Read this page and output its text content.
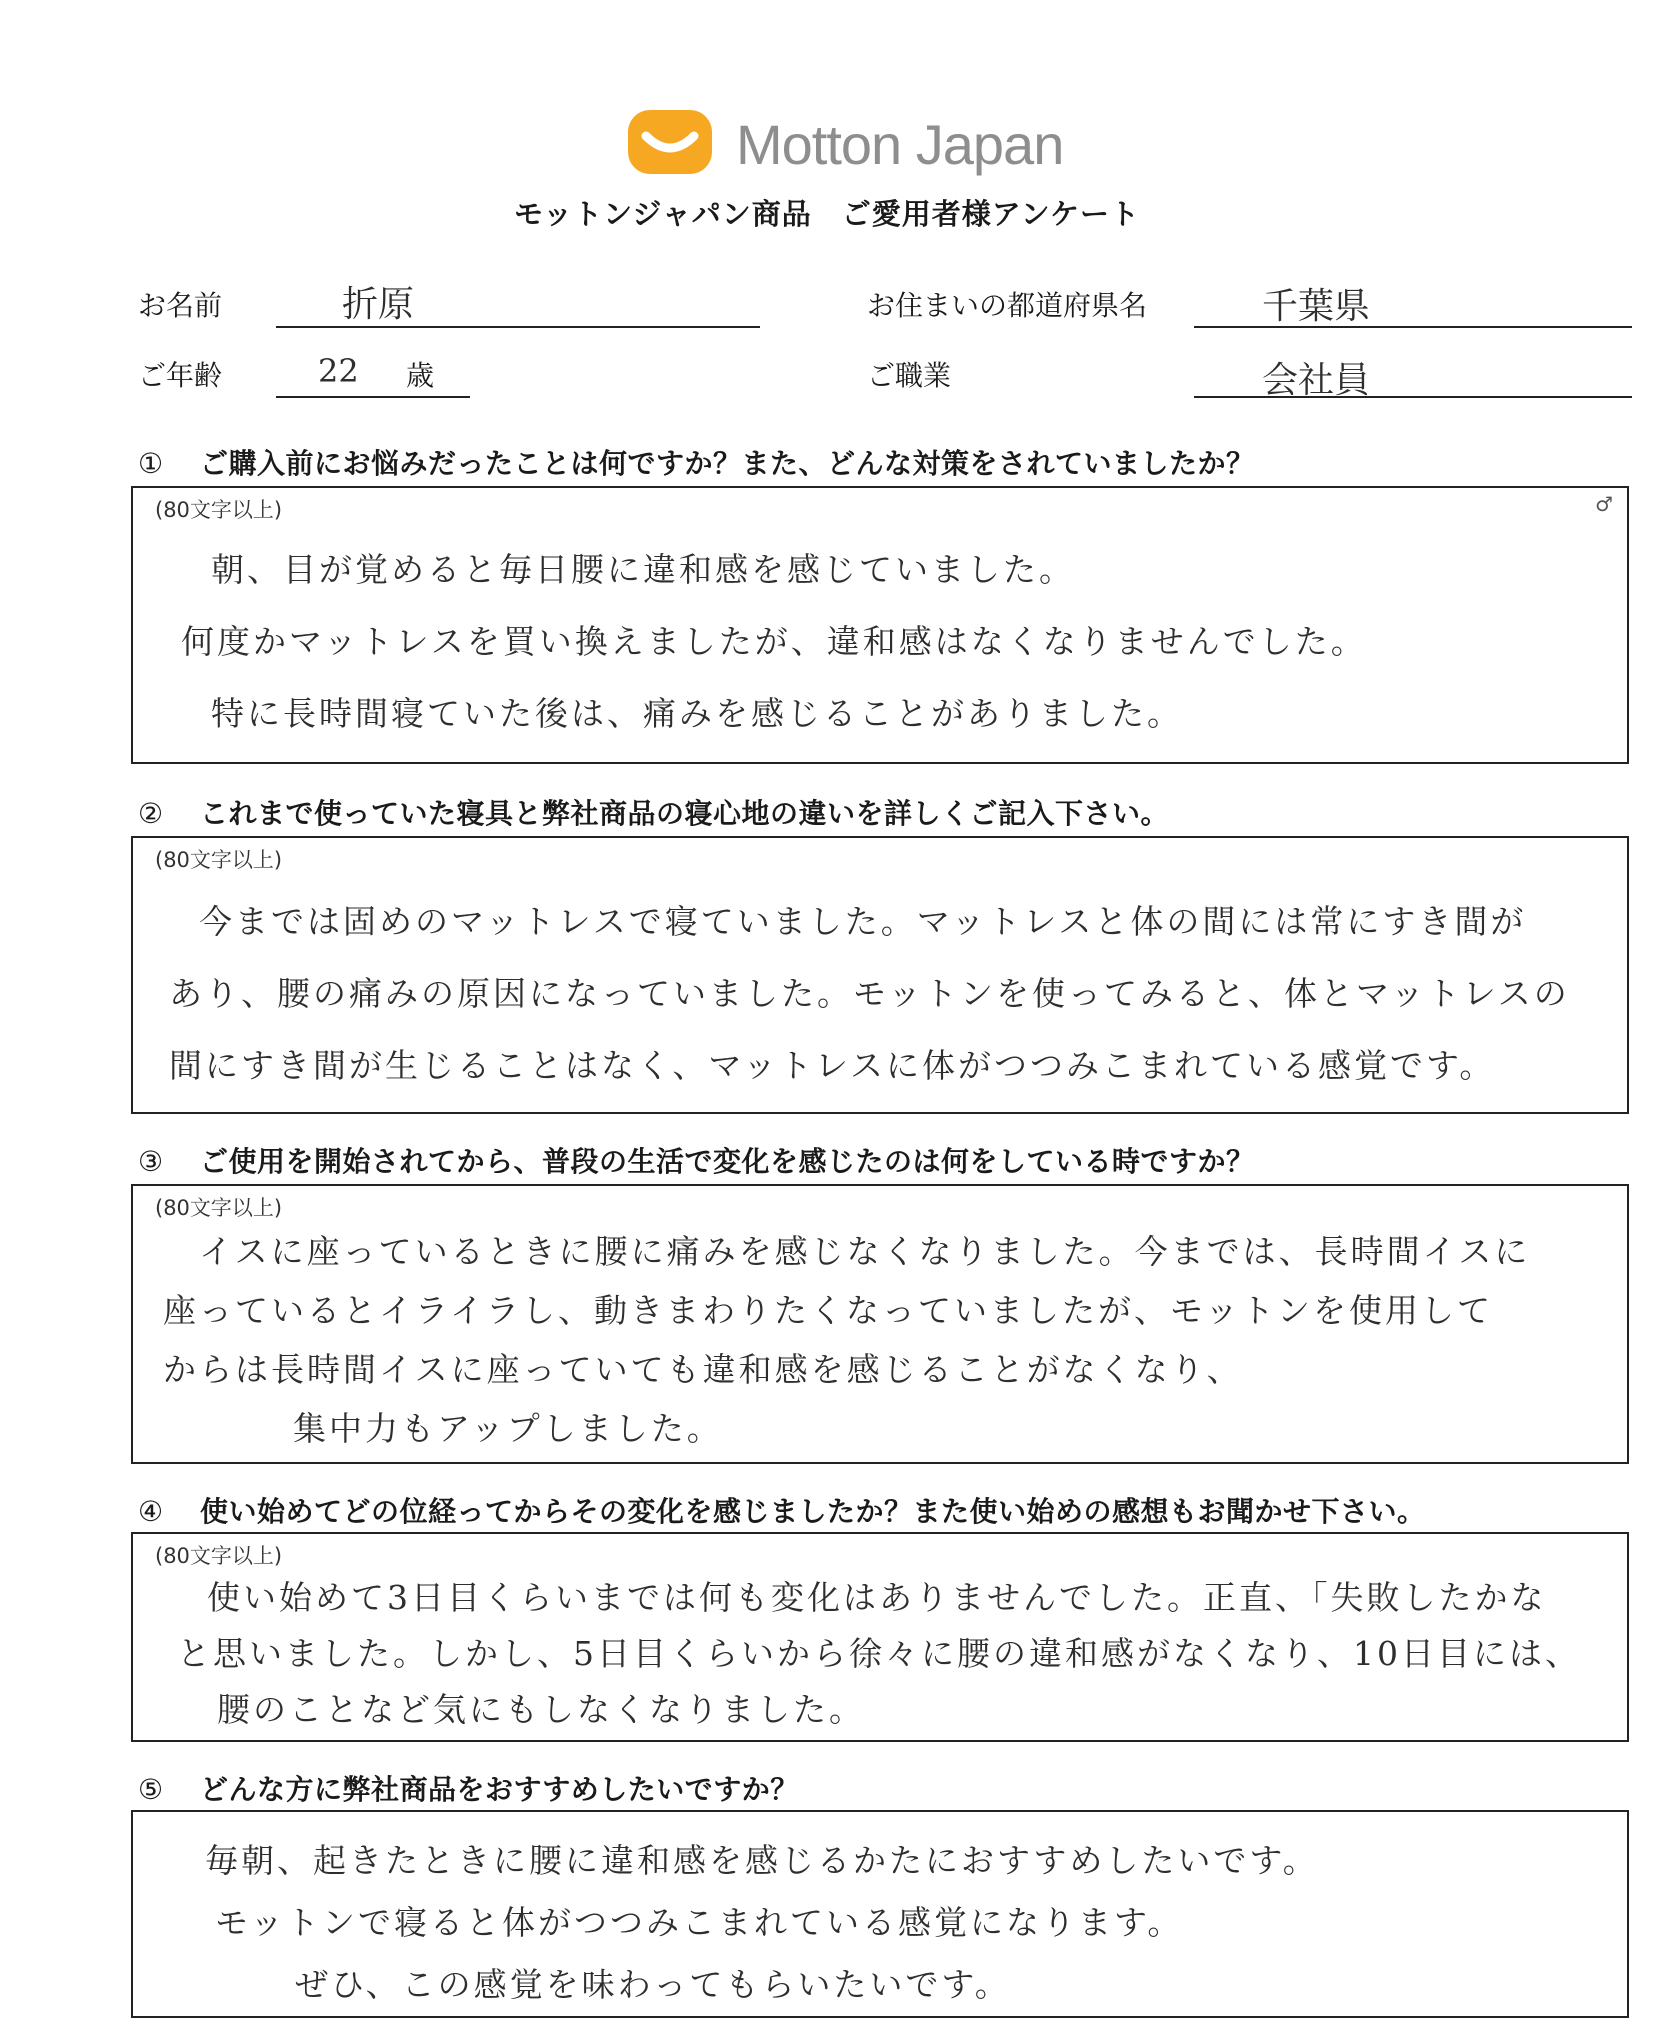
Motton Japan
モットンジャパン商品　ご愛用者様アンケート
お名前	折原	お住まいの都道府県名	千葉県
ご年齢	22 歳	ご職業	会社員
① ご購入前にお悩みだったことは何ですか？また、どんな対策をされていましたか？
(80文字以上)	♂
朝、目が覚めると毎日腰に違和感を感じていました。
何度かマットレスを買い換えましたが、違和感はなくなりませんでした。
特に長時間寝ていた後は、痛みを感じることがありました。
② これまで使っていた寝具と弊社商品の寝心地の違いを詳しくご記入下さい。
(80文字以上)
今までは固めのマットレスで寝ていました。マットレスと体の間には常にすき間が
あり、腰の痛みの原因になっていました。モットンを使ってみると、体とマットレスの
間にすき間が生じることはなく、マットレスに体がつつみこまれている感覚です。
③ ご使用を開始されてから、普段の生活で変化を感じたのは何をしている時ですか？
(80文字以上)
イスに座っているときに腰に痛みを感じなくなりました。今までは、長時間イスに
座っているとイライラし、動きまわりたくなっていましたが、モットンを使用して
からは長時間イスに座っていても違和感を感じることがなくなり、
集中力もアップしました。
④ 使い始めてどの位経ってからその変化を感じましたか？また使い始めの感想もお聞かせ下さい。
(80文字以上)
使い始めて3日目くらいまでは何も変化はありませんでした。正直、「失敗したかな
と思いました。しかし、5日目くらいから徐々に腰の違和感がなくなり、10日目には、
腰のことなど気にもしなくなりました。
⑤ どんな方に弊社商品をおすすめしたいですか？
毎朝、起きたときに腰に違和感を感じるかたにおすすめしたいです。
モットンで寝ると体がつつみこまれている感覚になります。
ぜひ、この感覚を味わってもらいたいです。
